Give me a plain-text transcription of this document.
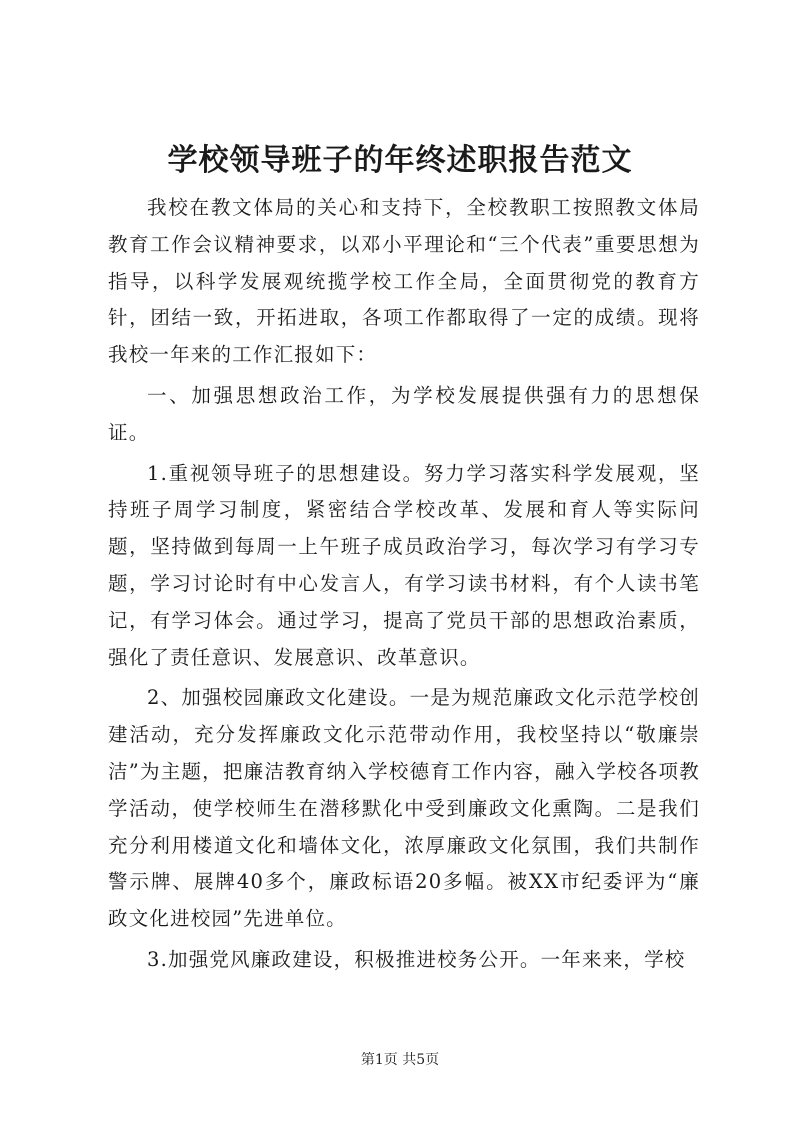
学校领导班子的年终述职报告范文

我校在教文体局的关心和支持下，全校教职工按照教文体局教育工作会议精神要求，以邓小平理论和“三个代表”重要思想为指导，以科学发展观统揽学校工作全局，全面贯彻党的教育方针，团结一致，开拓进取，各项工作都取得了一定的成绩。现将我校一年来的工作汇报如下：

一、加强思想政治工作，为学校发展提供强有力的思想保证。

1.重视领导班子的思想建设。努力学习落实科学发展观，坚持班子周学习制度，紧密结合学校改革、发展和育人等实际问题，坚持做到每周一上午班子成员政治学习，每次学习有学习专题，学习讨论时有中心发言人，有学习读书材料，有个人读书笔记，有学习体会。通过学习，提高了党员干部的思想政治素质，强化了责任意识、发展意识、改革意识。

2、加强校园廉政文化建设。一是为规范廉政文化示范学校创建活动，充分发挥廉政文化示范带动作用，我校坚持以“敬廉崇洁”为主题，把廉洁教育纳入学校德育工作内容，融入学校各项教学活动，使学校师生在潜移默化中受到廉政文化熏陶。二是我们充分利用楼道文化和墙体文化，浓厚廉政文化氛围，我们共制作警示牌、展牌40多个，廉政标语20多幅。被XX市纪委评为“廉政文化进校园”先进单位。

3.加强党风廉政建设，积极推进校务公开。一年来来，学校

第1页 共5页
